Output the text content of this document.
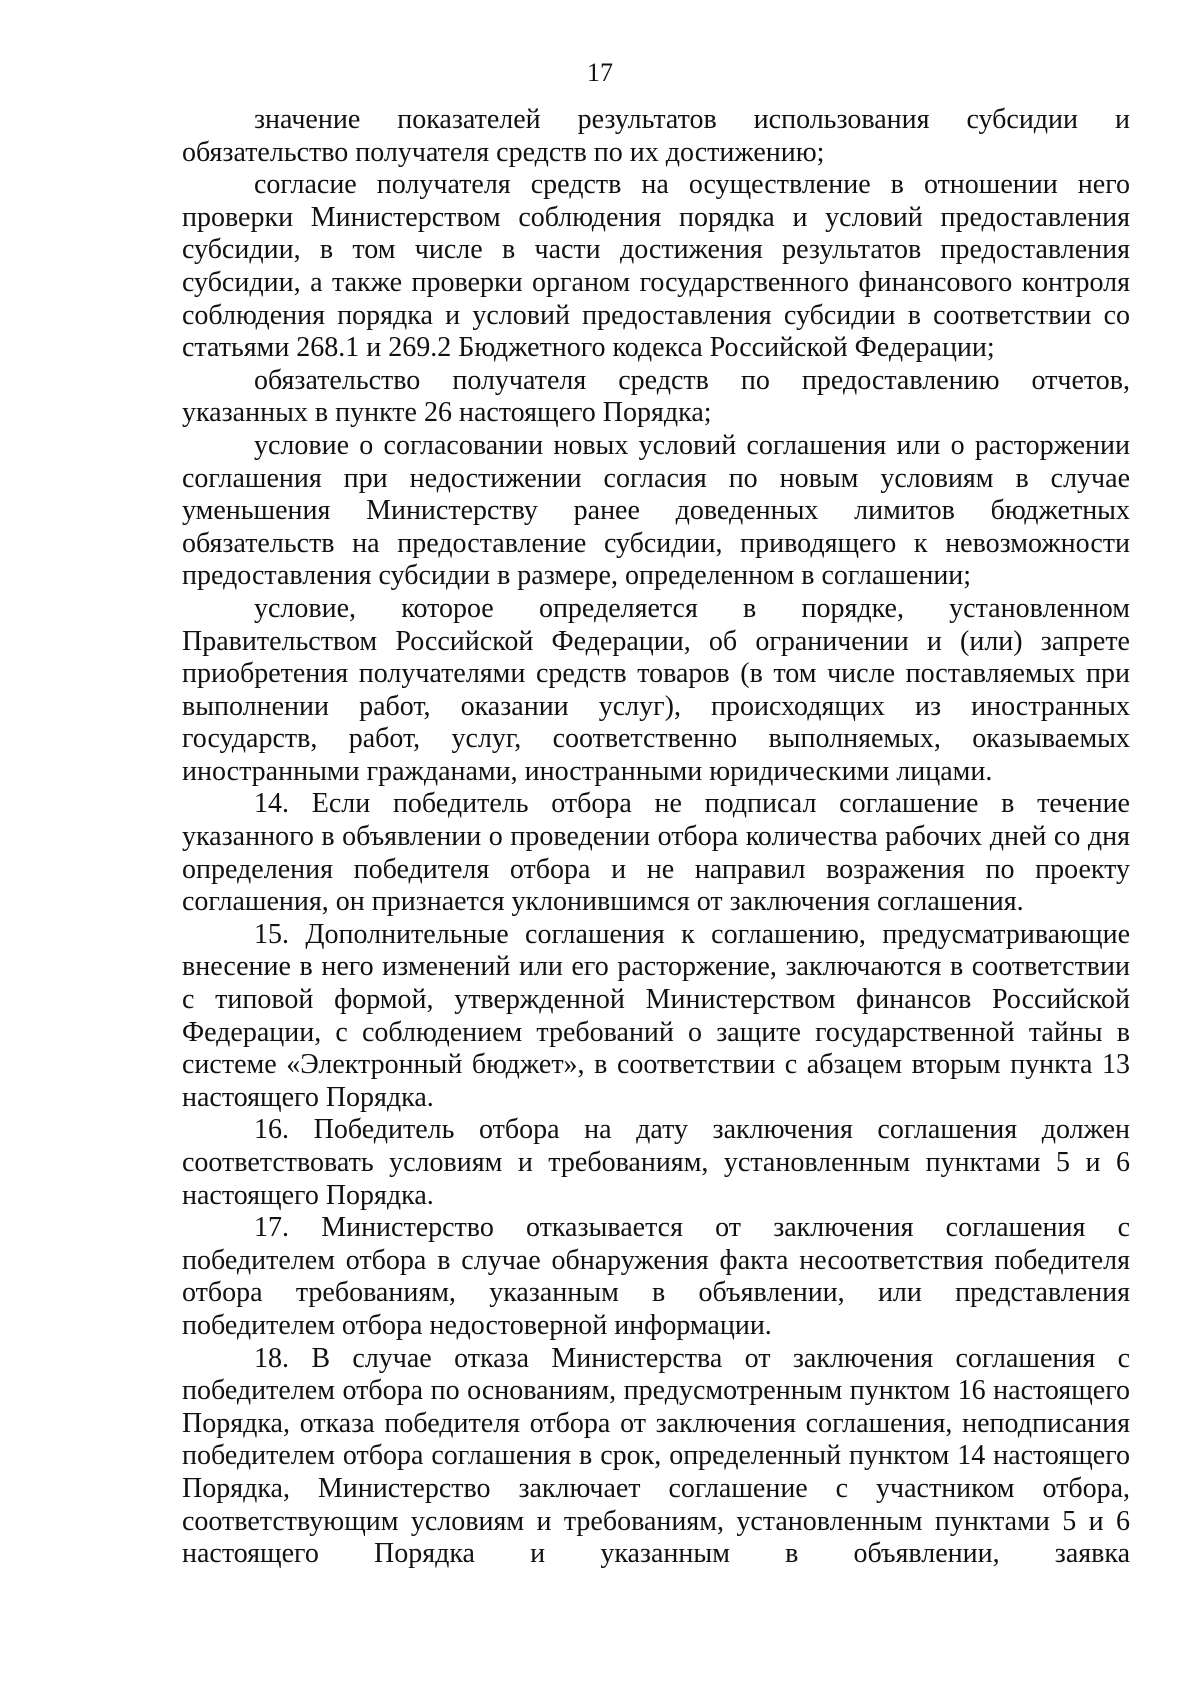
17

значение показателей результатов использования субсидии и обязательство получателя средств по их достижению;

согласие получателя средств на осуществление в отношении него проверки Министерством соблюдения порядка и условий предоставления субсидии, в том числе в части достижения результатов предоставления субсидии, а также проверки органом государственного финансового контроля соблюдения порядка и условий предоставления субсидии в соответствии со статьями 268.1 и 269.2 Бюджетного кодекса Российской Федерации;

обязательство получателя средств по предоставлению отчетов, указанных в пункте 26 настоящего Порядка;

условие о согласовании новых условий соглашения или о расторжении соглашения при недостижении согласия по новым условиям в случае уменьшения Министерству ранее доведенных лимитов бюджетных обязательств на предоставление субсидии, приводящего к невозможности предоставления субсидии в размере, определенном в соглашении;

условие, которое определяется в порядке, установленном Правительством Российской Федерации, об ограничении и (или) запрете приобретения получателями средств товаров (в том числе поставляемых при выполнении работ, оказании услуг), происходящих из иностранных государств, работ, услуг, соответственно выполняемых, оказываемых иностранными гражданами, иностранными юридическими лицами.

14. Если победитель отбора не подписал соглашение в течение указанного в объявлении о проведении отбора количества рабочих дней со дня определения победителя отбора и не направил возражения по проекту соглашения, он признается уклонившимся от заключения соглашения.

15. Дополнительные соглашения к соглашению, предусматривающие внесение в него изменений или его расторжение, заключаются в соответствии с типовой формой, утвержденной Министерством финансов Российской Федерации, с соблюдением требований о защите государственной тайны в системе «Электронный бюджет», в соответствии с абзацем вторым пункта 13 настоящего Порядка.

16. Победитель отбора на дату заключения соглашения должен соответствовать условиям и требованиям, установленным пунктами 5 и 6 настоящего Порядка.

17. Министерство отказывается от заключения соглашения с победителем отбора в случае обнаружения факта несоответствия победителя отбора требованиям, указанным в объявлении, или представления победителем отбора недостоверной информации.

18. В случае отказа Министерства от заключения соглашения с победителем отбора по основаниям, предусмотренным пунктом 16 настоящего Порядка, отказа победителя отбора от заключения соглашения, неподписания победителем отбора соглашения в срок, определенный пунктом 14 настоящего Порядка, Министерство заключает соглашение с участником отбора, соответствующим условиям и требованиям, установленным пунктами 5 и 6 настоящего Порядка и указанным в объявлении, заявка
